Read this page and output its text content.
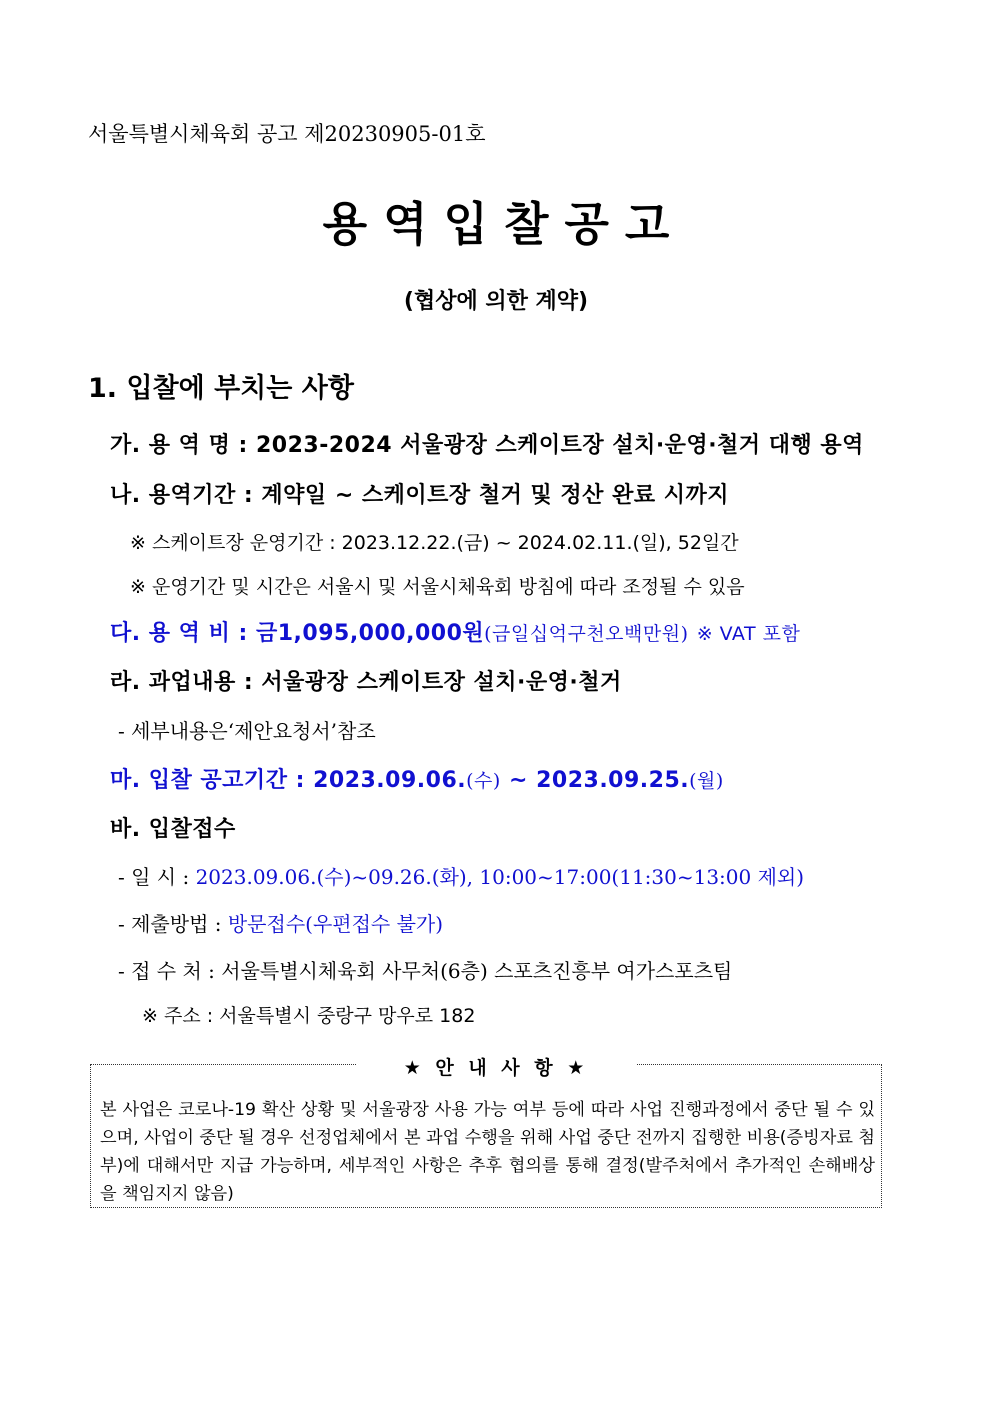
서울특별시체육회 공고 제20230905-01호
용 역 입 찰 공 고
(협상에 의한 계약)
1. 입찰에 부치는 사항
가. 용 역 명 : 2023-2024 서울광장 스케이트장 설치·운영·철거 대행 용역
나. 용역기간 : 계약일 ~ 스케이트장 철거 및 정산 완료 시까지
※ 스케이트장 운영기간 : 2023.12.22.(금) ~ 2024.02.11.(일), 52일간
※ 운영기간 및 시간은 서울시 및 서울시체육회 방침에 따라 조정될 수 있음
다. 용 역 비 : 금1,095,000,000원(금일십억구천오백만원) ※ VAT 포함
라. 과업내용 : 서울광장 스케이트장 설치·운영·철거
- 세부내용은‘제안요청서’참조
마. 입찰 공고기간 : 2023.09.06.(수) ~ 2023.09.25.(월)
바. 입찰접수
- 일 시 : 2023.09.06.(수)~09.26.(화), 10:00~17:00(11:30~13:00 제외)
- 제출방법 : 방문접수(우편접수 불가)
- 접 수 처 : 서울특별시체육회 사무처(6층) 스포츠진흥부 여가스포츠팀
※ 주소 : 서울특별시 중랑구 망우로 182
★ 안 내 사 항 ★
본 사업은 코로나-19 확산 상황 및 서울광장 사용 가능 여부 등에 따라 사업 진행과정에서 중단 될 수 있으며, 사업이 중단 될 경우 선정업체에서 본 과업 수행을 위해 사업 중단 전까지 집행한 비용(증빙자료 첨부)에 대해서만 지급 가능하며, 세부적인 사항은 추후 협의를 통해 결정(발주처에서 추가적인 손해배상을 책임지지 않음)
